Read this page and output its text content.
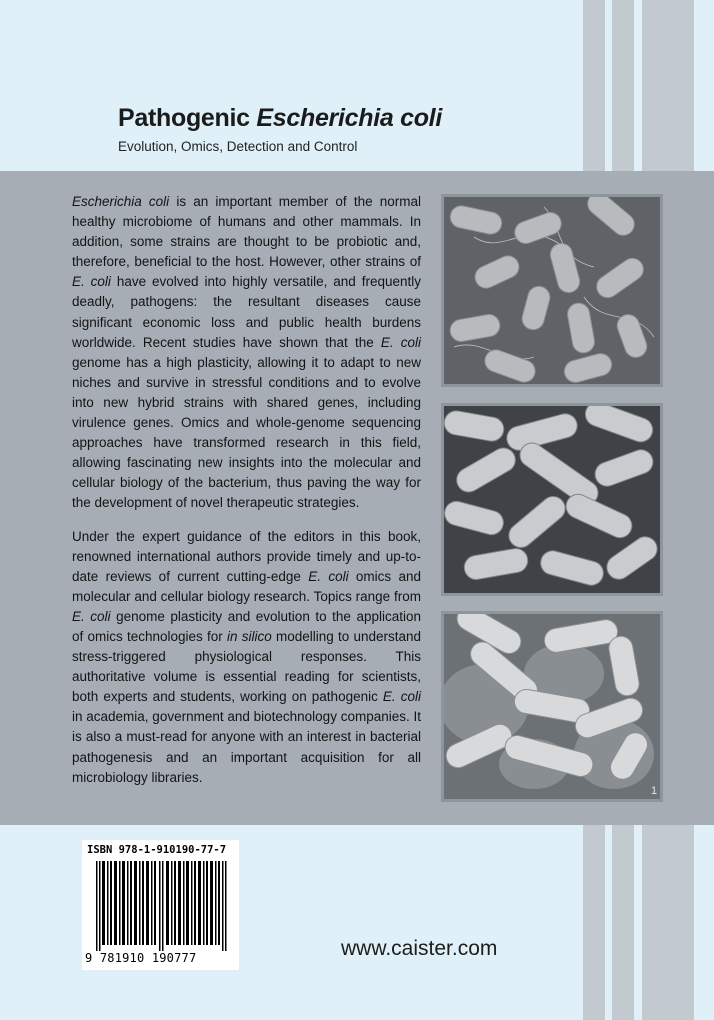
Pathogenic Escherichia coli
Evolution, Omics, Detection and Control

Escherichia coli is an important member of the normal healthy microbiome of humans and other mammals. In addition, some strains are thought to be probiotic and, therefore, beneficial to the host. However, other strains of E. coli have evolved into highly versatile, and frequently deadly, pathogens: the resultant diseases cause significant economic loss and public health burdens worldwide. Recent studies have shown that the E. coli genome has a high plasticity, allowing it to adapt to new niches and survive in stressful conditions and to evolve into new hybrid strains with shared genes, including virulence genes. Omics and whole-genome sequencing approaches have transformed research in this field, allowing fascinating new insights into the molecular and cellular biology of the bacterium, thus paving the way for the development of novel therapeutic strategies.

Under the expert guidance of the editors in this book, renowned international authors provide timely and up-to-date reviews of current cutting-edge E. coli omics and molecular and cellular biology research. Topics range from E. coli genome plasticity and evolution to the application of omics technologies for in silico modelling to understand stress-triggered physiological responses. This authoritative volume is essential reading for scientists, both experts and students, working on pathogenic E. coli in academia, government and biotechnology companies. It is also a must-read for anyone with an interest in bacterial pathogenesis and an important acquisition for all microbiology libraries.

1
ISBN 978-1-910190-77-7
9 781910 190777	www.caister.com
